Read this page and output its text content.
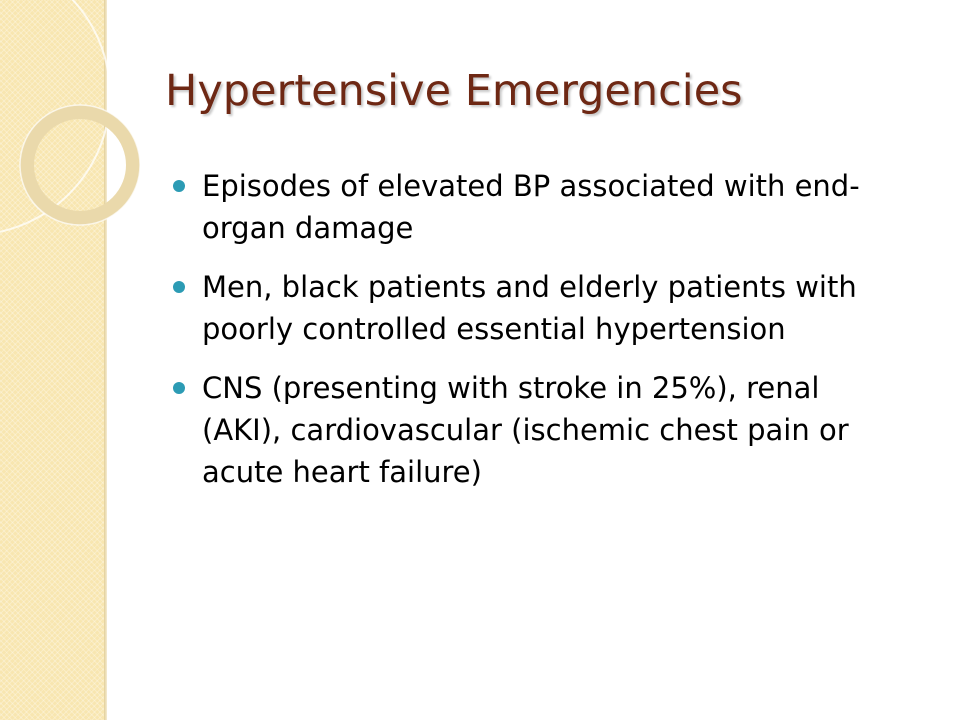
Hypertensive Emergencies
Episodes of elevated BP associated with end-organ damage
Men, black patients and elderly patients with poorly controlled essential hypertension
CNS (presenting with stroke in 25%), renal (AKI), cardiovascular (ischemic chest pain or acute heart failure)
